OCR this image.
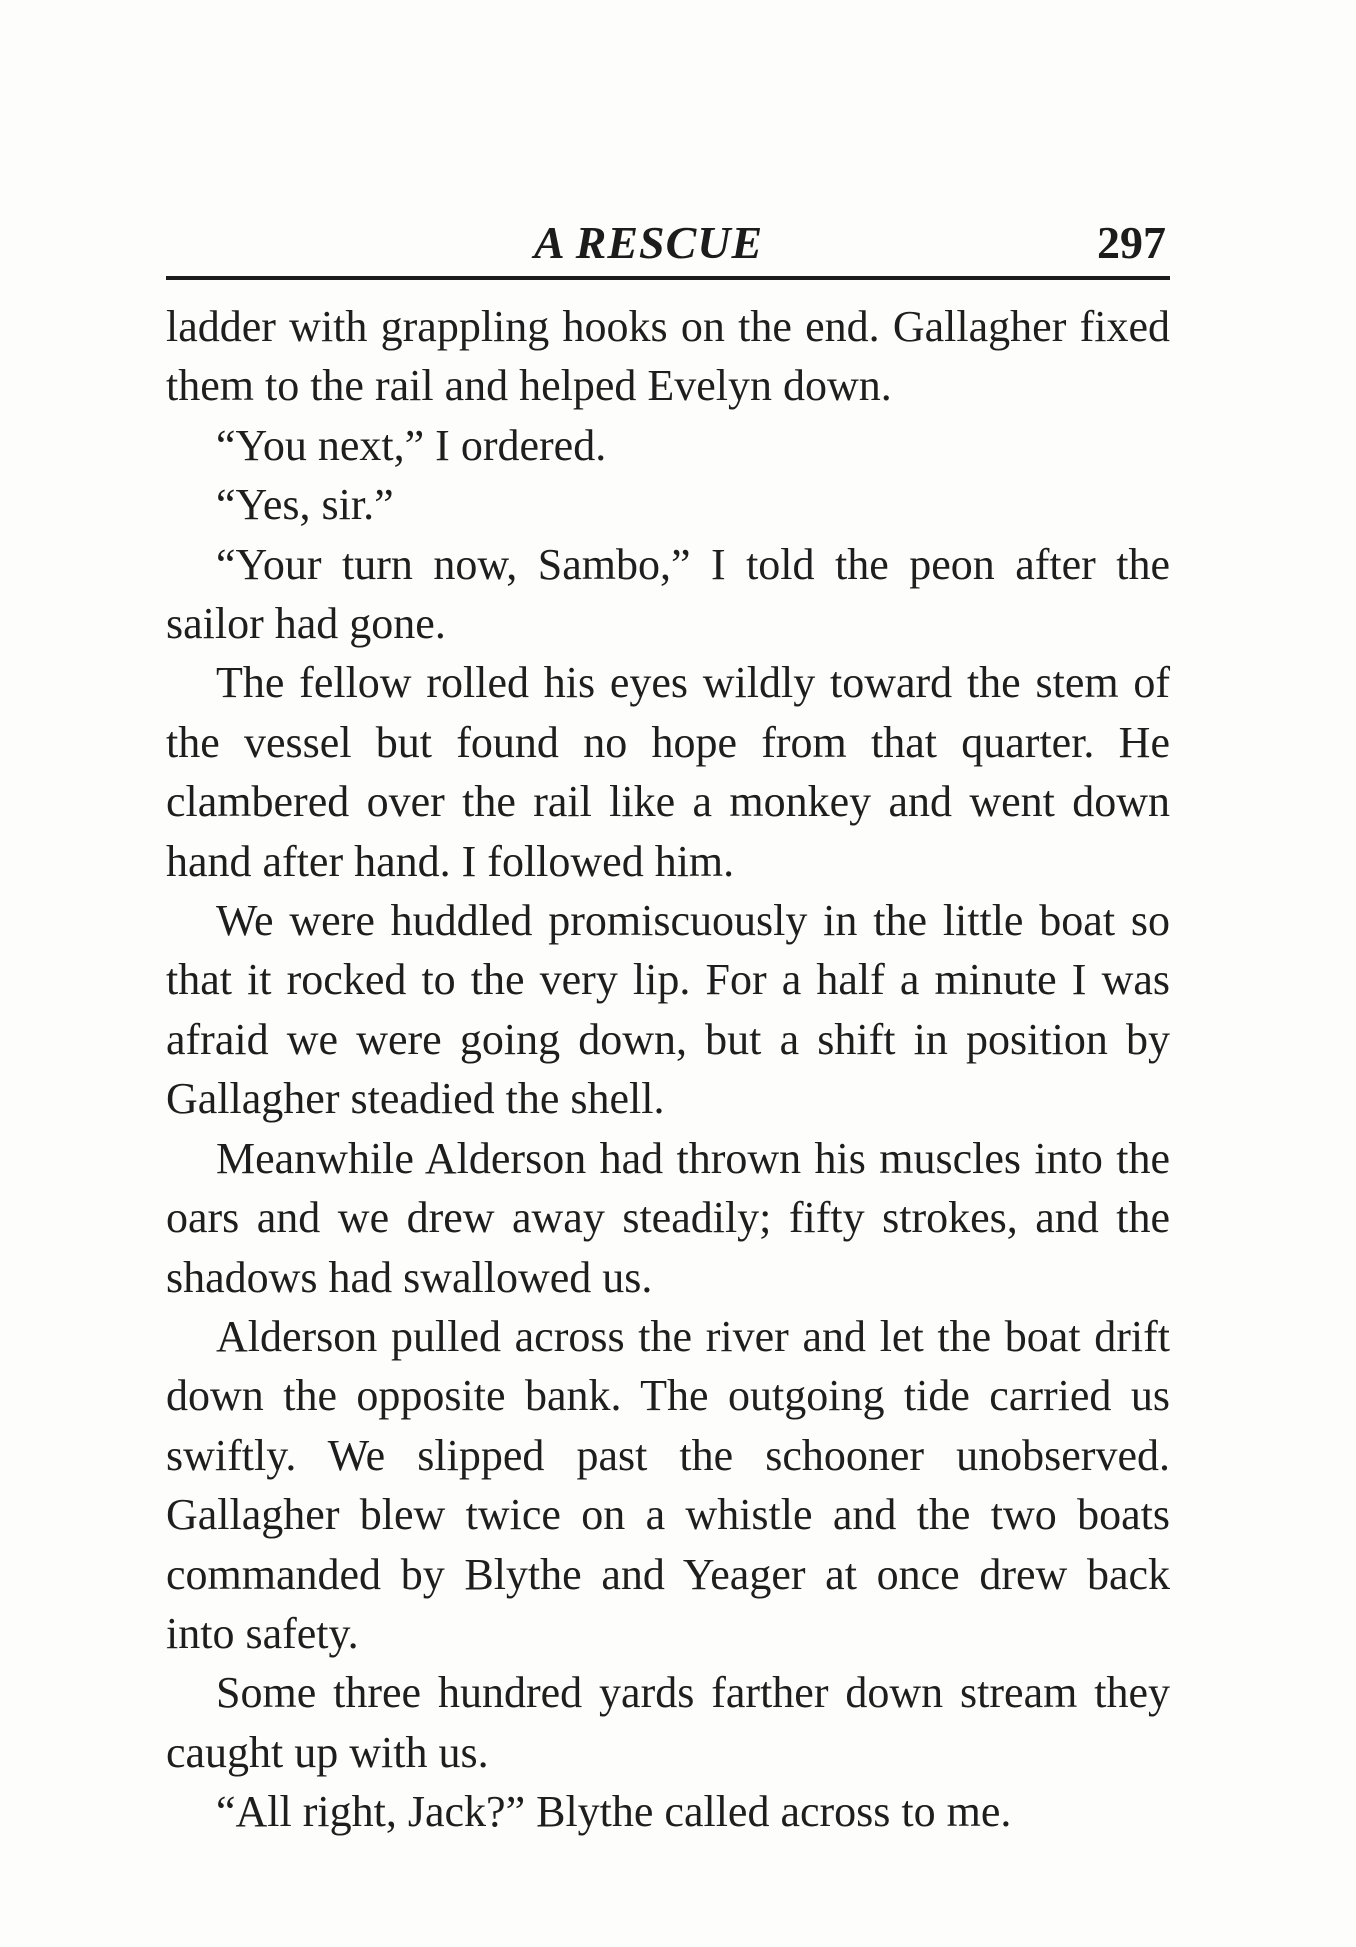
A RESCUE	297

ladder with grappling hooks on the end. Gallagher fixed them to the rail and helped Evelyn down.

“You next,” I ordered.

“Yes, sir.”

“Your turn now, Sambo,” I told the peon after the sailor had gone.

The fellow rolled his eyes wildly toward the stem of the vessel but found no hope from that quarter. He clambered over the rail like a monkey and went down hand after hand. I followed him.

We were huddled promiscuously in the little boat so that it rocked to the very lip. For a half a minute I was afraid we were going down, but a shift in position by Gallagher steadied the shell.

Meanwhile Alderson had thrown his muscles into the oars and we drew away steadily; fifty strokes, and the shadows had swallowed us.

Alderson pulled across the river and let the boat drift down the opposite bank. The outgoing tide carried us swiftly. We slipped past the schooner unobserved. Gallagher blew twice on a whistle and the two boats commanded by Blythe and Yeager at once drew back into safety.

Some three hundred yards farther down stream they caught up with us.

“All right, Jack?” Blythe called across to me.
